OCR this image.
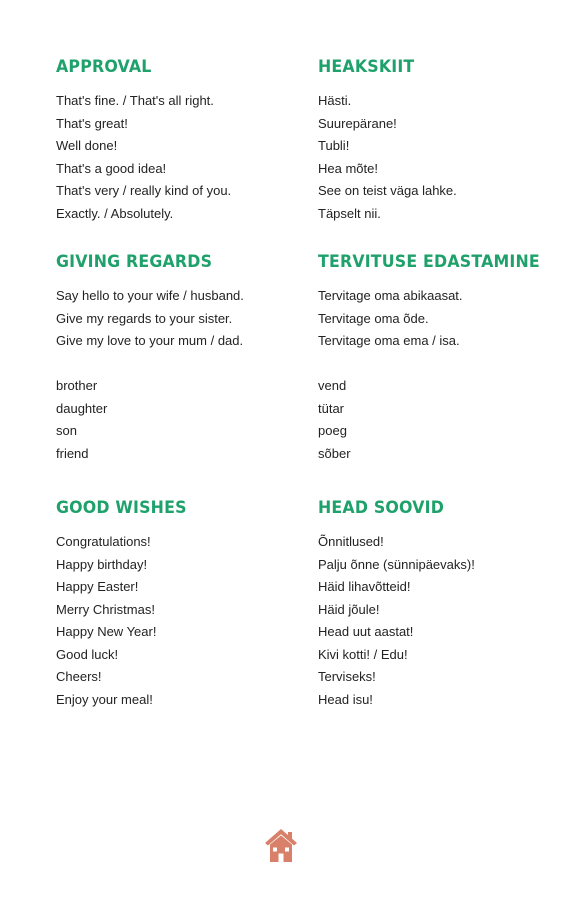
APPROVAL
That's fine. / That's all right.
That's great!
Well done!
That's a good idea!
That's very / really kind of you.
Exactly. / Absolutely.
GIVING REGARDS
Say hello to your wife / husband.
Give my regards to your sister.
Give my love to your mum / dad.
brother
daughter
son
friend
GOOD WISHES
Congratulations!
Happy birthday!
Happy Easter!
Merry Christmas!
Happy New Year!
Good luck!
Cheers!
Enjoy your meal!
HEAKSKIIT
Hästi.
Suurepärane!
Tubli!
Hea mõte!
See on teist väga lahke.
Täpselt nii.
TERVITUSE EDASTAMINE
Tervitage oma abikaasat.
Tervitage oma õde.
Tervitage oma ema / isa.
vend
tütar
poeg
sõber
HEAD SOOVID
Õnnitlused!
Palju õnne (sünnipäevaks)!
Häid lihavõtteid!
Häid jõule!
Head uut aastat!
Kivi kotti! / Edu!
Terviseks!
Head isu!
